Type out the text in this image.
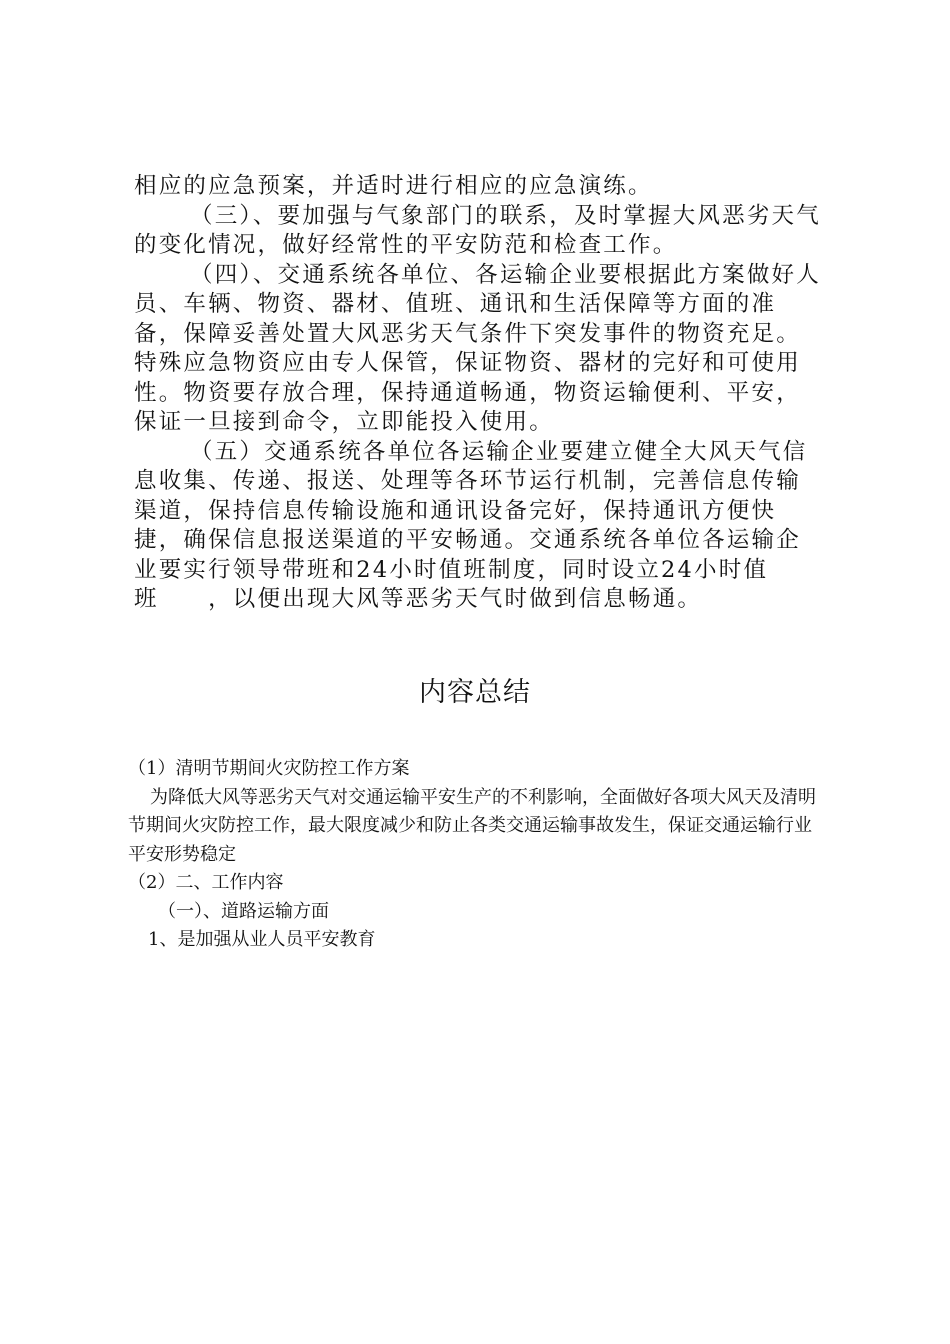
相应的应急预案，并适时进行相应的应急演练。

（三）、要加强与气象部门的联系，及时掌握大风恶劣天气的变化情况，做好经常性的平安防范和检查工作。

（四）、交通系统各单位、各运输企业要根据此方案做好人员、车辆、物资、器材、值班、通讯和生活保障等方面的准备，保障妥善处置大风恶劣天气条件下突发事件的物资充足。特殊应急物资应由专人保管，保证物资、器材的完好和可使用性。物资要存放合理，保持通道畅通，物资运输便利、平安，保证一旦接到命令，立即能投入使用。

（五）交通系统各单位各运输企业要建立健全大风天气信息收集、传递、报送、处理等各环节运行机制，完善信息传输渠道，保持信息传输设施和通讯设备完好，保持通讯方便快捷，确保信息报送渠道的平安畅通。交通系统各单位各运输企业要实行领导带班和24小时值班制度，同时设立24小时值班　　，以便出现大风等恶劣天气时做到信息畅通。

内容总结

（1）清明节期间火灾防控工作方案

为降低大风等恶劣天气对交通运输平安生产的不利影响，全面做好各项大风天及清明节期间火灾防控工作，最大限度减少和防止各类交通运输事故发生，保证交通运输行业平安形势稳定

（2）二、工作内容

（一）、道路运输方面

1、是加强从业人员平安教育
